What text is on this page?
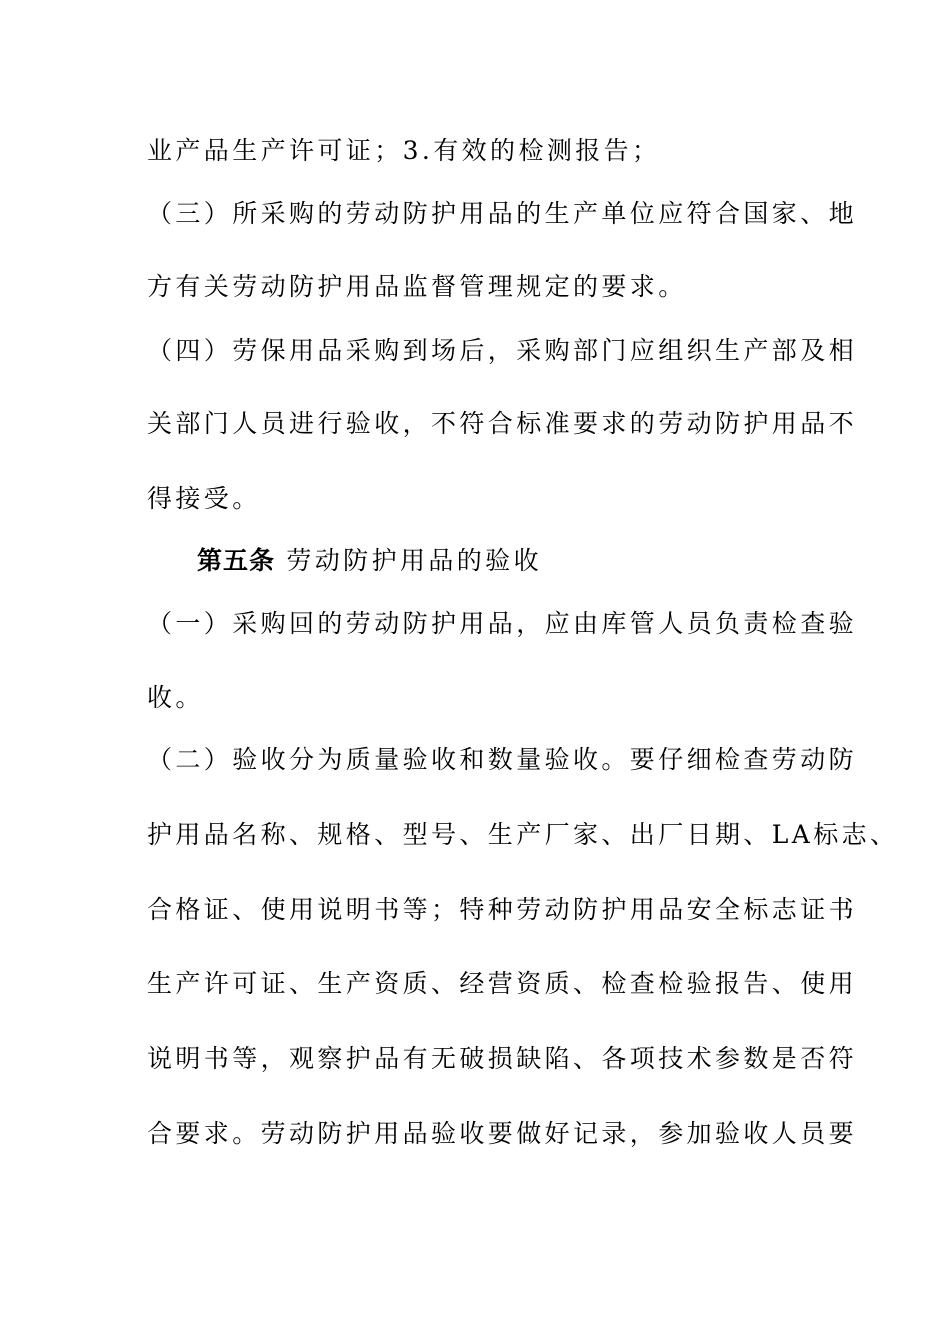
业产品生产许可证；3.有效的检测报告；
（三）所采购的劳动防护用品的生产单位应符合国家、地
方有关劳动防护用品监督管理规定的要求。
（四）劳保用品采购到场后，采购部门应组织生产部及相
关部门人员进行验收，不符合标准要求的劳动防护用品不
得接受。
第五条 劳动防护用品的验收
（一）采购回的劳动防护用品，应由库管人员负责检查验
收。
（二）验收分为质量验收和数量验收。要仔细检查劳动防
护用品名称、规格、型号、生产厂家、出厂日期、LA标志、
合格证、使用说明书等；特种劳动防护用品安全标志证书
生产许可证、生产资质、经营资质、检查检验报告、使用
说明书等，观察护品有无破损缺陷、各项技术参数是否符
合要求。劳动防护用品验收要做好记录，参加验收人员要
